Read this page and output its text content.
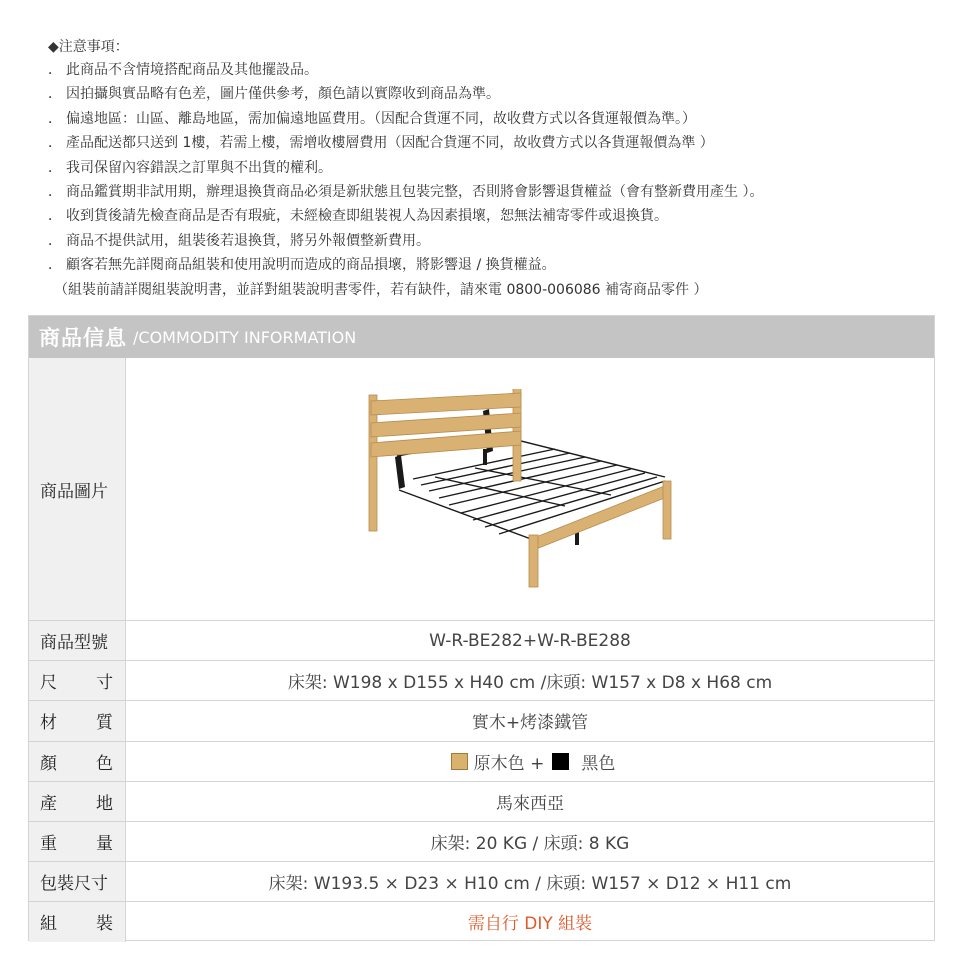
◆注意事項：
． 此商品不含情境搭配商品及其他擺設品。
． 因拍攝與實品略有色差，圖片僅供參考，顏色請以實際收到商品為準。
． 偏遠地區：山區、離島地區，需加偏遠地區費用。（因配合貨運不同，故收費方式以各貨運報價為準。）
． 產品配送都只送到 1樓，若需上樓，需增收樓層費用（因配合貨運不同，故收費方式以各貨運報價為準 ）
． 我司保留內容錯誤之訂單與不出貨的權利。
． 商品鑑賞期非試用期，辦理退換貨商品必須是新狀態且包裝完整，否則將會影響退貨權益（會有整新費用產生 ）。
． 收到貨後請先檢查商品是否有瑕疵，未經檢查即組裝視人為因素損壞，恕無法補寄零件或退換貨。
． 商品不提供試用，組裝後若退換貨，將另外報價整新費用。
． 顧客若無先詳閱商品組裝和使用說明而造成的商品損壞，將影響退 / 換貨權益。
（組裝前請詳閱組裝說明書，並詳對組裝說明書零件，若有缺件，請來電 0800-006086 補寄商品零件 ）
商品信息 /COMMODITY INFORMATION
商品圖片
商品型號	W-R-BE282+W-R-BE288
尺 寸	床架: W198 x D155 x H40 cm /床頭: W157 x D8 x H68 cm
材 質	實木+烤漆鐵管
顏 色	原木色 + 黑色
產 地	馬來西亞
重 量	床架: 20 KG / 床頭: 8 KG
包裝尺寸	床架: W193.5 × D23 × H10 cm / 床頭: W157 × D12 × H11 cm
組 裝	需自行 DIY 組裝
